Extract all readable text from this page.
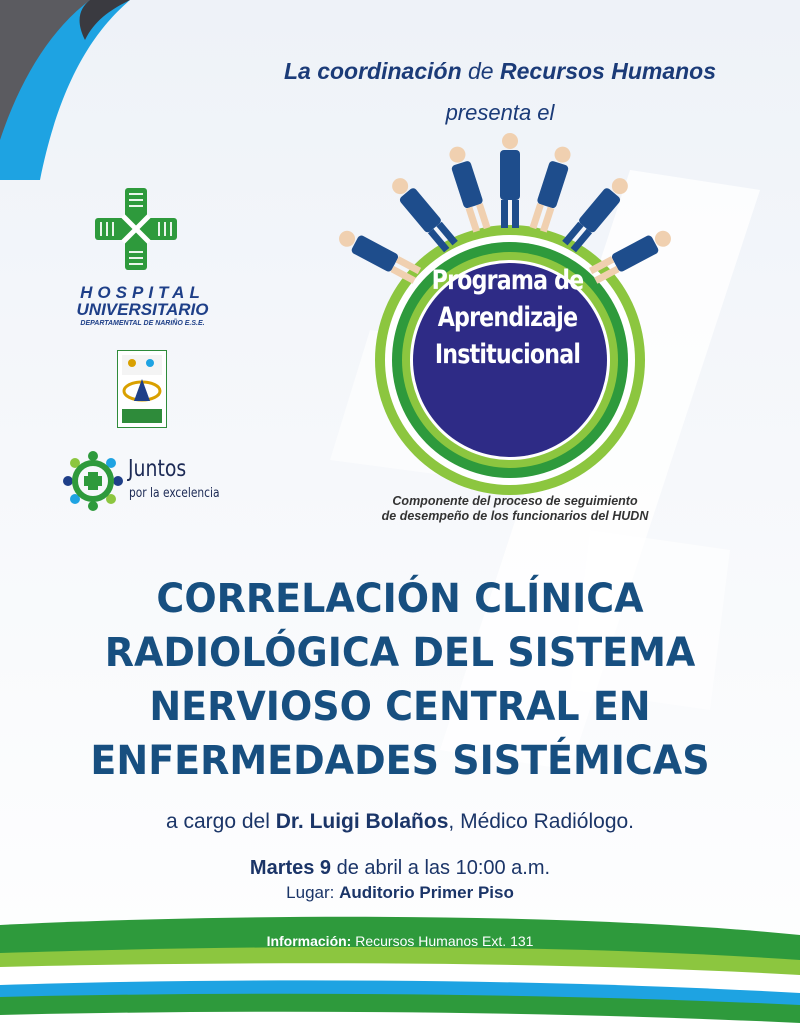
La coordinación de Recursos Humanos
presenta el
Programa de
Aprendizaje
Institucional
Componente del proceso de seguimiento
de desempeño de los funcionarios del HUDN
HOSPITAL
UNIVERSITARIO
DEPARTAMENTAL DE NARIÑO E.S.E.
Juntos
por la excelencia
CORRELACIÓN CLÍNICA
RADIOLÓGICA DEL SISTEMA
NERVIOSO CENTRAL EN
ENFERMEDADES SISTÉMICAS
a cargo del Dr. Luigi Bolaños, Médico Radiólogo.
Martes 9 de abril a las 10:00 a.m.
Lugar: Auditorio Primer Piso
Información: Recursos Humanos Ext. 131
